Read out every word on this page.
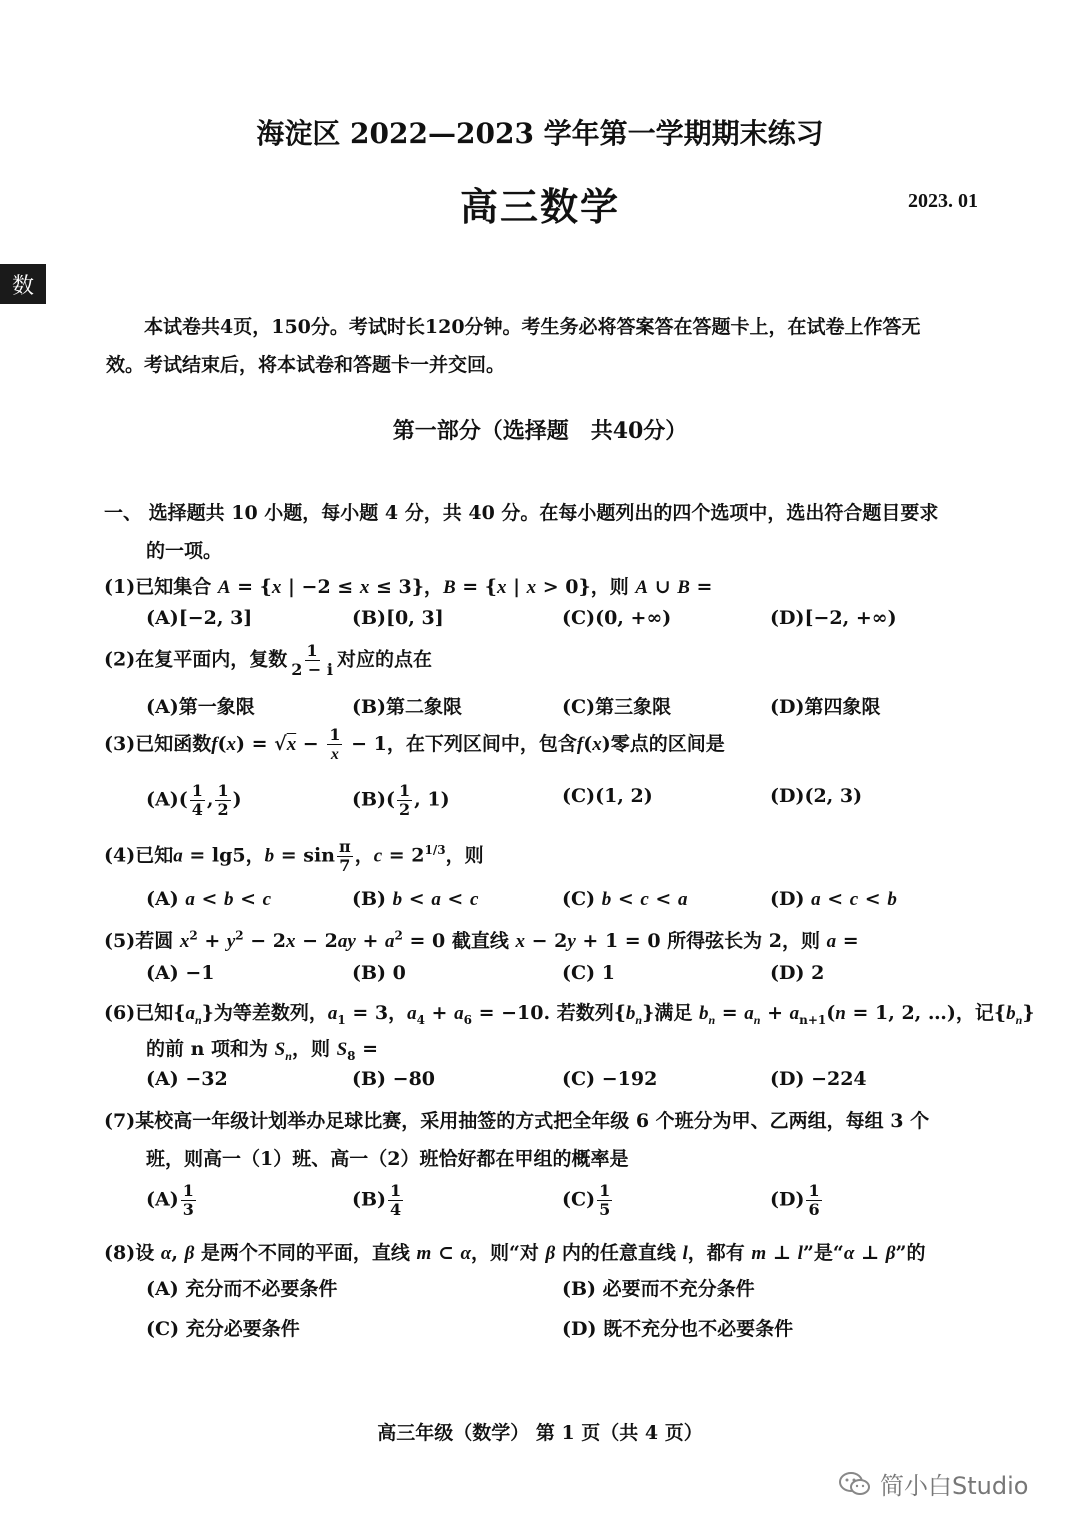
海淀区 2022—2023 学年第一学期期末练习
高三数学	2023. 01
数
本试卷共4页，150分。考试时长120分钟。考生务必将答案答在答题卡上，在试卷上作答无
效。考试结束后，将本试卷和答题卡一并交回。
第一部分（选择题　共40分）
一、 选择题共 10 小题，每小题 4 分，共 40 分。在每小题列出的四个选项中，选出符合题目要求
的一项。
(1)已知集合 A = {x | −2 ≤ x ≤ 3}，B = {x | x > 0}，则 A ∪ B =
(A)[−2, 3]	(B)[0, 3]	(C)(0, +∞)	(D)[−2, +∞)
(2)在复平面内，复数 $\frac{1}{2 - i}$ 对应的点在
(A)第一象限	(B)第二象限	(C)第三象限	(D)第四象限
(3)已知函数$f(x) = √x - \frac{1}{x} - 1$，在下列区间中，包含f(x)零点的区间是
$(A)( \frac{1}{4}$ , $\frac{1}{2}$ )	$(B)( \frac{1}{2}$ , 1)	(C)(1, 2)	(D)(2, 3)
(4)已知a = lg5，$b = \sin \frac{\pi}{7}$ ，$c = 2^{1/3}$，则
(A) a < b < c	(B) b < a < c	(C) b < c < a	(D) a < c < b
(5)若圆 $x^2 + y^2 - 2x - 2ay + a^2 = 0$ 截直线 x − 2y + 1 = 0 所得弦长为 2，则 a =
(A) −1	(B) 0	(C) 1	(D) 2
(6)已知$\{a_n\}$为等差数列，$a_1 = 3$，$a_4 + a_6 = -10$. 若数列$\{b_n\}$满足 $b_n = a_n + a_{n+1}(n = 1$, 2, …)，记$\{b_n\}$
的前 n 项和为 $S_n$，则 $S_8$ =
(A) −32	(B) −80	(C) −192	(D) −224
(7)某校高一年级计划举办足球比赛，采用抽签的方式把全年级 6 个班分为甲、乙两组，每组 3 个
班，则高一（1）班、高一（2）班恰好都在甲组的概率是
$(A) \frac{1}{3}$	$(B) \frac{1}{4}$	$(C) \frac{1}{5}$	$(D) \frac{1}{6}$
(8)设 α, β 是两个不同的平面，直线 m ⊂ α，则“对 β 内的任意直线 l，都有 m ⊥ l”是“α ⊥ β”的
(A) 充分而不必要条件	(B) 必要而不充分条件
(C) 充分必要条件	(D) 既不充分也不必要条件
高三年级（数学） 第 1 页（共 4 页）
简小白Studio
